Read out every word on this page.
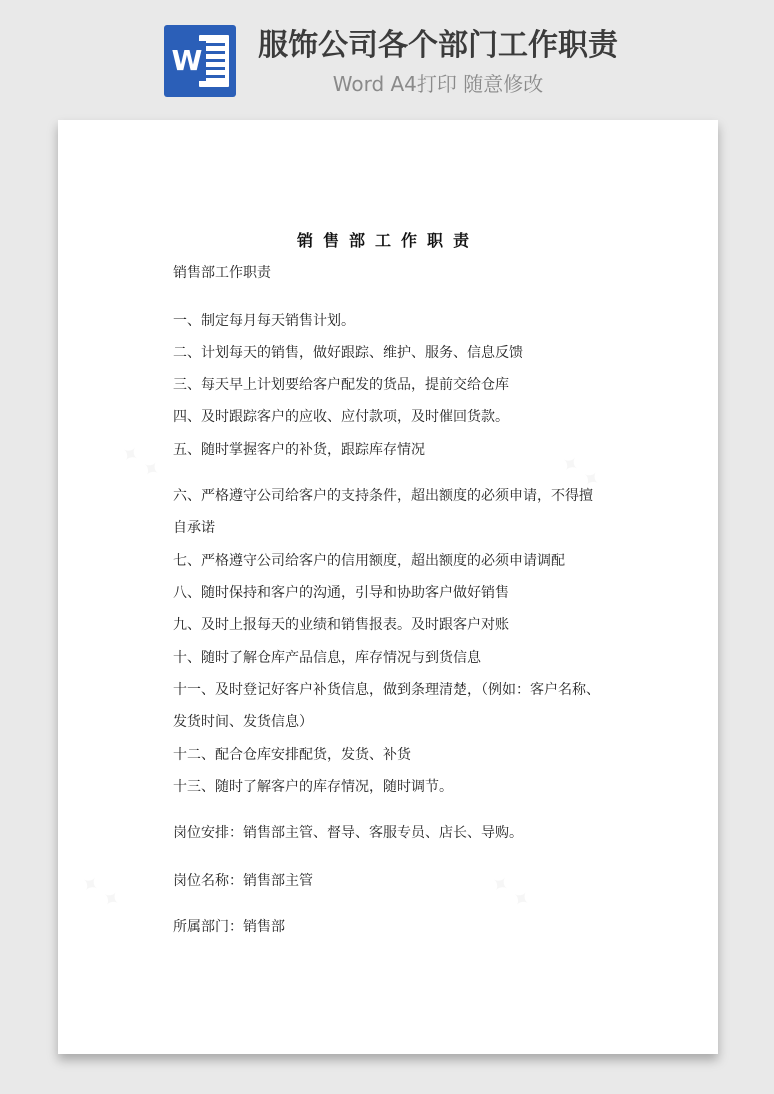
W 服饰公司各个部门工作职责
Word A4打印 随意修改
销售部工作职责
销售部工作职责
一、制定每月每天销售计划。
二、计划每天的销售，做好跟踪、维护、服务、信息反馈
三、每天早上计划要给客户配发的货品，提前交给仓库
四、及时跟踪客户的应收、应付款项，及时催回货款。
五、随时掌握客户的补货，跟踪库存情况
六、严格遵守公司给客户的支持条件，超出额度的必须申请，不得擅
自承诺
七、严格遵守公司给客户的信用额度，超出额度的必须申请调配
八、随时保持和客户的沟通，引导和协助客户做好销售
九、及时上报每天的业绩和销售报表。及时跟客户对账
十、随时了解仓库产品信息，库存情况与到货信息
十一、及时登记好客户补货信息，做到条理清楚，（例如：客户名称、
发货时间、发货信息）
十二、配合仓库安排配货，发货、补货
十三、随时了解客户的库存情况，随时调节。
岗位安排：销售部主管、督导、客服专员、店长、导购。
岗位名称：销售部主管
所属部门：销售部
